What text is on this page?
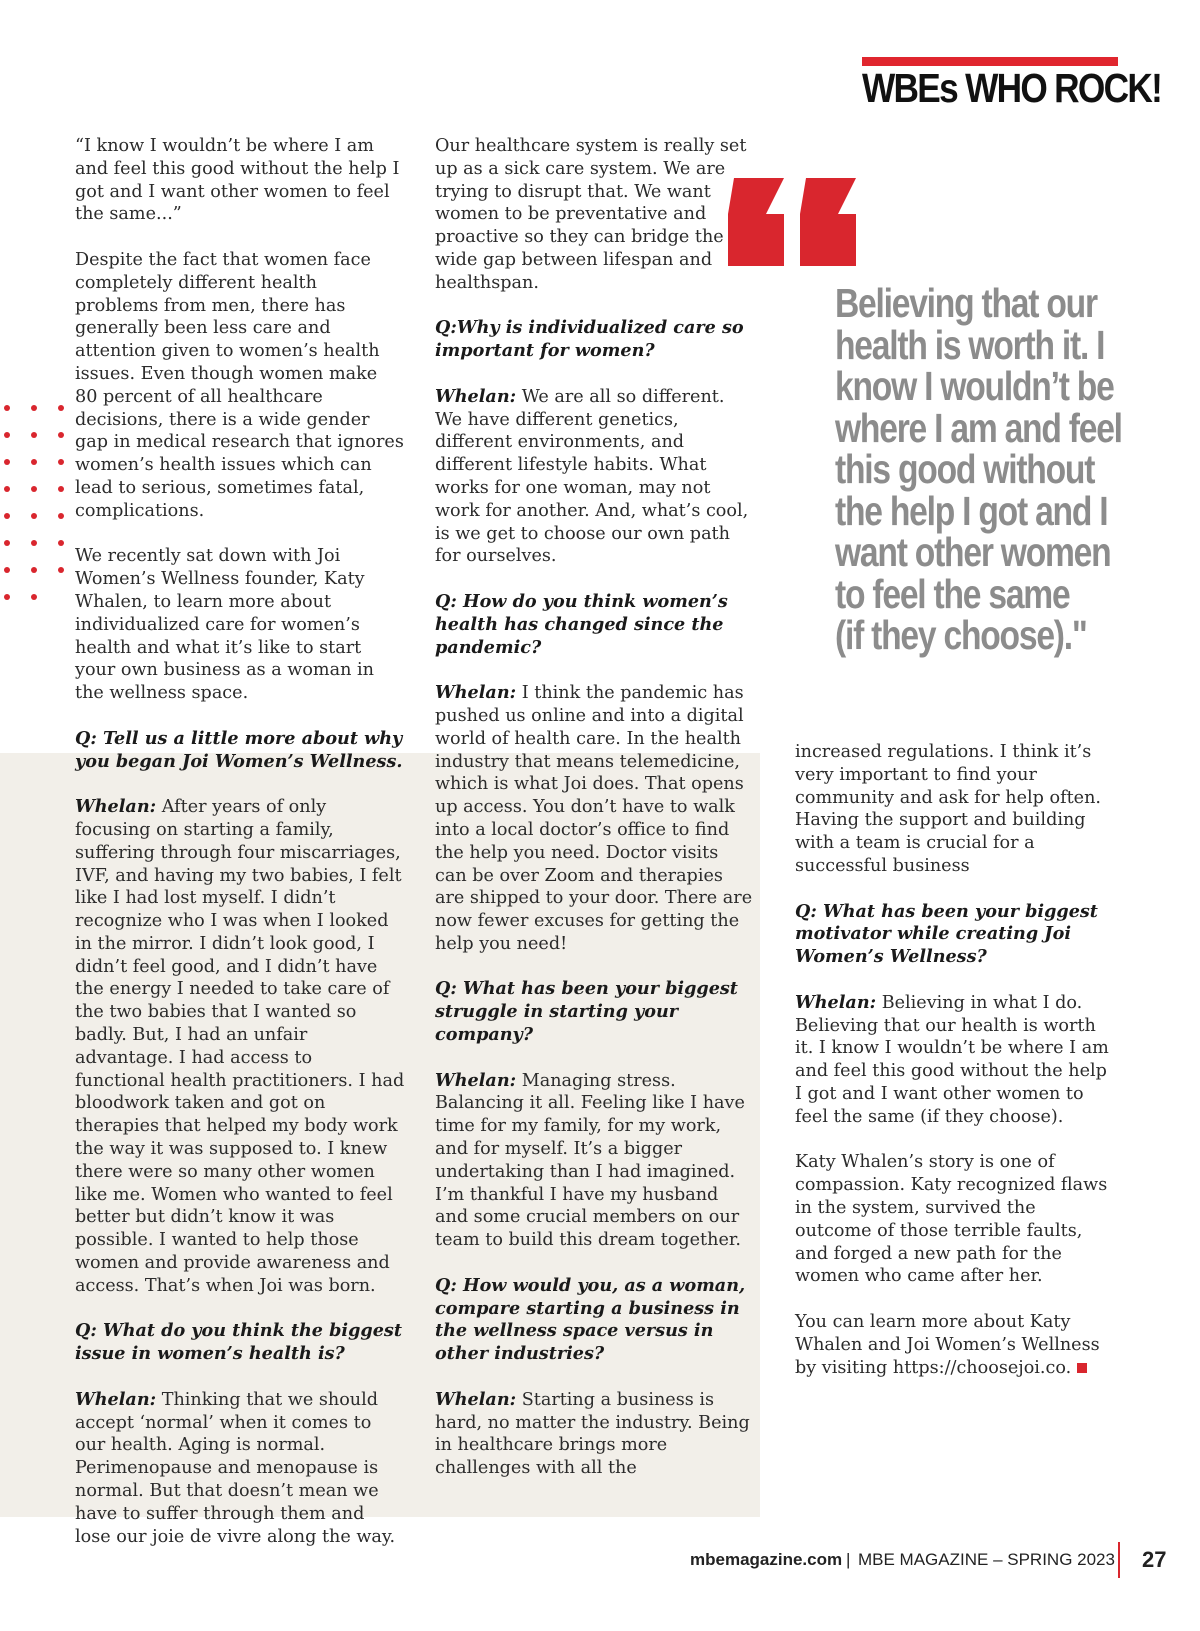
WBEs WHO ROCK!

“I know I wouldn’t be where I am and feel this good without the help I got and I want other women to feel the same...”

Despite the fact that women face completely different health problems from men, there has generally been less care and attention given to women’s health issues. Even though women make 80 percent of all healthcare decisions, there is a wide gender gap in medical research that ignores women’s health issues which can lead to serious, sometimes fatal, complications.

We recently sat down with Joi Women’s Wellness founder, Katy Whalen, to learn more about individualized care for women’s health and what it’s like to start your own business as a woman in the wellness space.

Q: Tell us a little more about why you began Joi Women’s Wellness.

Whelan: After years of only focusing on starting a family, suffering through four miscarriages, IVF, and having my two babies, I felt like I had lost myself. I didn’t recognize who I was when I looked in the mirror. I didn’t look good, I didn’t feel good, and I didn’t have the energy I needed to take care of the two babies that I wanted so badly. But, I had an unfair advantage. I had access to functional health practitioners. I had bloodwork taken and got on therapies that helped my body work the way it was supposed to. I knew there were so many other women like me. Women who wanted to feel better but didn’t know it was possible. I wanted to help those women and provide awareness and access. That’s when Joi was born.

Q: What do you think the biggest issue in women’s health is?

Whelan: Thinking that we should accept ‘normal’ when it comes to our health. Aging is normal. Perimenopause and menopause is normal. But that doesn’t mean we have to suffer through them and lose our joie de vivre along the way.

Our healthcare system is really set up as a sick care system. We are trying to disrupt that. We want women to be preventative and proactive so they can bridge the wide gap between lifespan and healthspan.

Q:Why is individualized care so important for women?

Whelan: We are all so different. We have different genetics, different environments, and different lifestyle habits. What works for one woman, may not work for another. And, what’s cool, is we get to choose our own path for ourselves.

Q: How do you think women’s health has changed since the pandemic?

Whelan: I think the pandemic has pushed us online and into a digital world of health care. In the health industry that means telemedicine, which is what Joi does. That opens up access. You don’t have to walk into a local doctor’s office to find the help you need. Doctor visits can be over Zoom and therapies are shipped to your door. There are now fewer excuses for getting the help you need!

Q: What has been your biggest struggle in starting your company?

Whelan: Managing stress. Balancing it all. Feeling like I have time for my family, for my work, and for myself. It’s a bigger undertaking than I had imagined. I’m thankful I have my husband and some crucial members on our team to build this dream together.

Q: How would you, as a woman, compare starting a business in the wellness space versus in other industries?

Whelan: Starting a business is hard, no matter the industry. Being in healthcare brings more challenges with all the

Believing that our
health is worth it. I
know I wouldn’t be
where I am and feel
this good without
the help I got and I
want other women
to feel the same
(if they choose)."

increased regulations. I think it’s very important to find your community and ask for help often. Having the support and building with a team is crucial for a successful business

Q: What has been your biggest motivator while creating Joi Women’s Wellness?

Whelan: Believing in what I do. Believing that our health is worth it. I know I wouldn’t be where I am and feel this good without the help I got and I want other women to feel the same (if they choose).

Katy Whalen’s story is one of compassion. Katy recognized flaws in the system, survived the outcome of those terrible faults, and forged a new path for the women who came after her.

You can learn more about Katy Whalen and Joi Women’s Wellness by visiting https://choosejoi.co.

mbemagazine.com | MBE MAGAZINE – SPRING 2023 27
